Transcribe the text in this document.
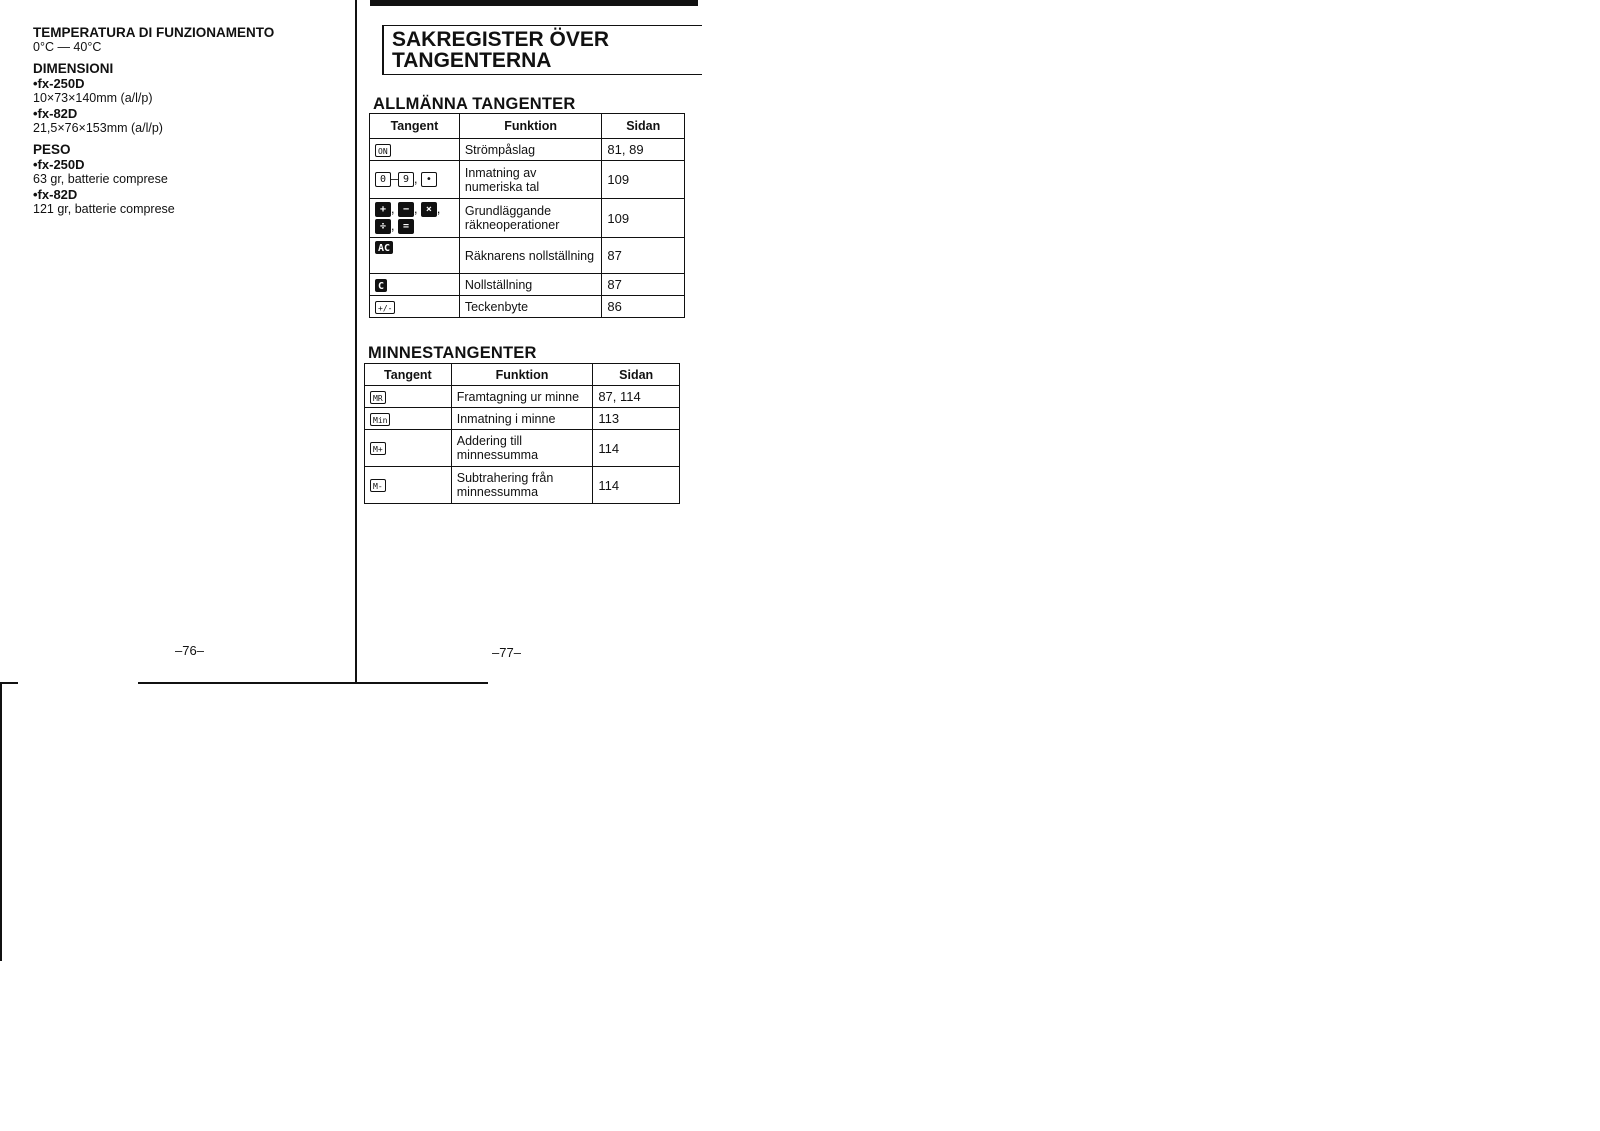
TEMPERATURA DI FUNZIONAMENTO
0°C — 40°C
DIMENSIONI
•fx-250D
10×73×140mm (a/l/p)
•fx-82D
21,5×76×153mm (a/l/p)
PESO
•fx-250D
63 gr, batterie comprese
•fx-82D
121 gr, batterie comprese
–76–
SAKREGISTER ÖVER
TANGENTERNA
ALLMÄNNA TANGENTER
Tangent	Funktion	Sidan
ON	Strömpåslag	81, 89
0 – 9 , •	Inmatning av numeriska tal	109
+ , − , × ,
÷ , =	Grundläggande räkneoperationer	109
AC	Räknarens nollställning	87
C	Nollställning	87
+/-	Teckenbyte	86
MINNESTANGENTER
Tangent	Funktion	Sidan
MR	Framtagning ur minne	87, 114
Min	Inmatning i minne	113
M+	Addering till minnessumma	114
M-	Subtrahering från minnessumma	114
–77–
